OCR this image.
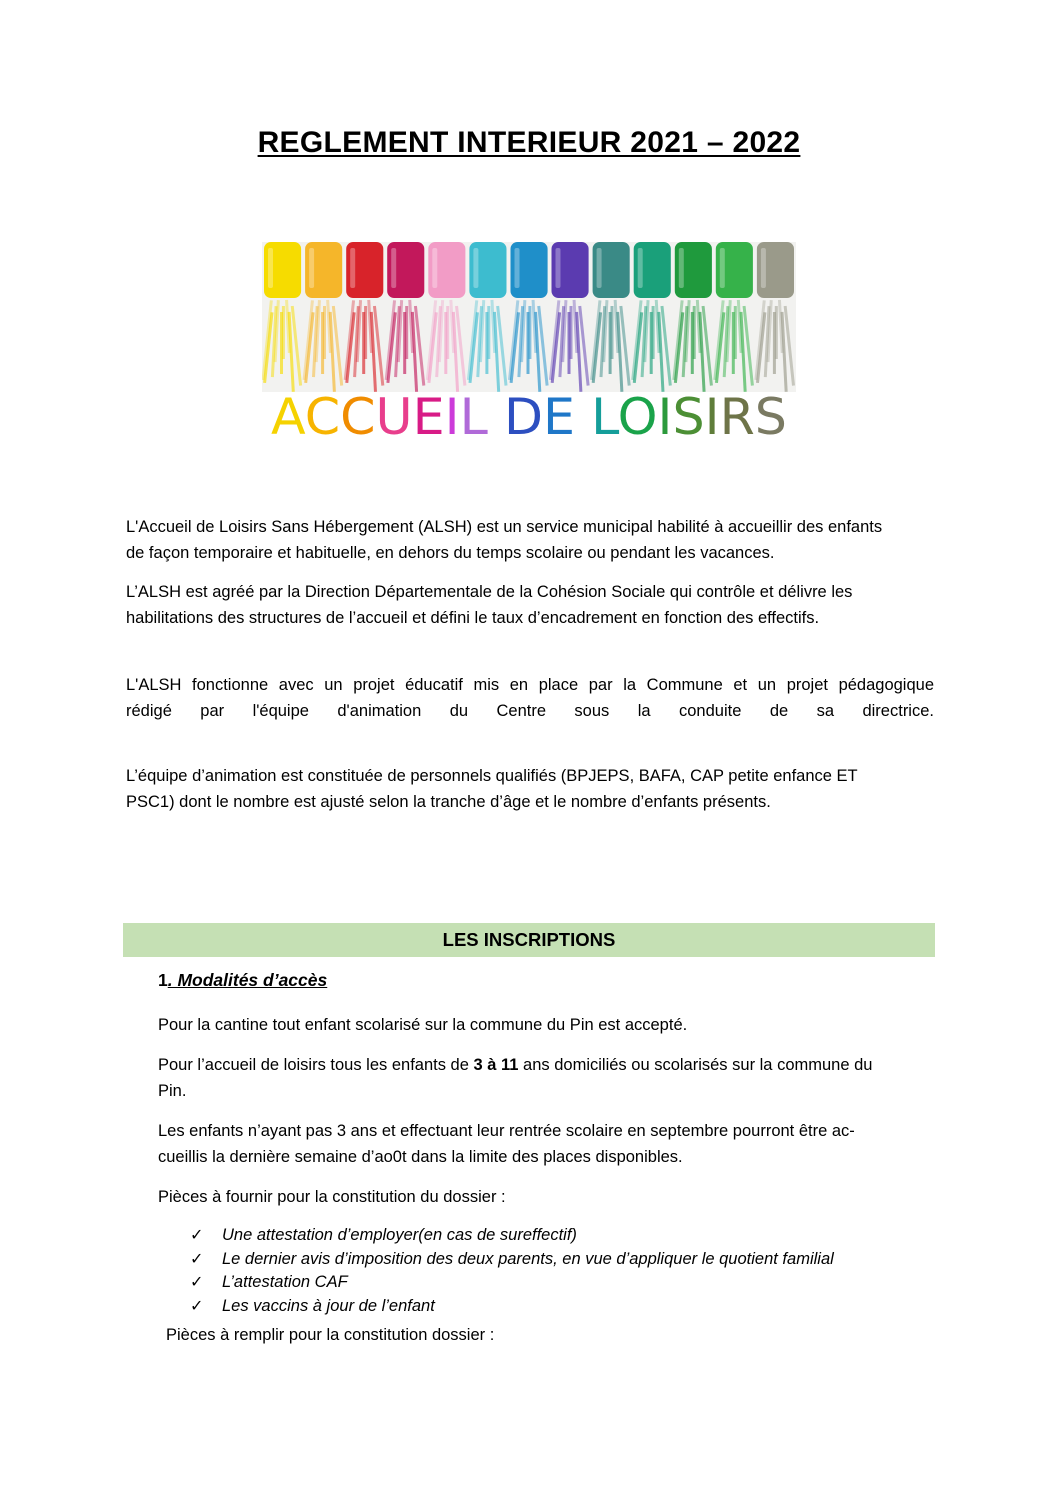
REGLEMENT INTERIEUR 2021 – 2022
ACCUEIL DE LOISIRS

L'Accueil de Loisirs Sans Hébergement (ALSH) est un service municipal habilité à accueillir des enfants
de façon temporaire et habituelle, en dehors du temps scolaire ou pendant les vacances.

L’ALSH est agréé par la Direction Départementale de la Cohésion Sociale qui contrôle et délivre les
habilitations des structures de l’accueil et défini le taux d’encadrement en fonction des effectifs.

L'ALSH fonctionne avec un projet éducatif mis en place par la Commune et un projet pédagogique
rédigé par l'équipe d'animation du Centre sous la conduite de sa directrice.

L’équipe d’animation est constituée de personnels qualifiés (BPJEPS, BAFA, CAP petite enfance ET
PSC1) dont le nombre est ajusté selon la tranche d’âge et le nombre d’enfants présents.

LES INSCRIPTIONS

1. Modalités d’accès

Pour la cantine tout enfant scolarisé sur la commune du Pin est accepté.

Pour l’accueil de loisirs tous les enfants de 3 à 11 ans domiciliés ou scolarisés sur la commune du
Pin.

Les enfants n’ayant pas 3 ans et effectuant leur rentrée scolaire en septembre pourront être ac-
cueillis la dernière semaine d’ao0t dans la limite des places disponibles.

Pièces à fournir pour la constitution du dossier :

✓ Une attestation d’employer(en cas de sureffectif)
✓ Le dernier avis d’imposition des deux parents, en vue d’appliquer le quotient familial
✓ L’attestation CAF
✓ Les vaccins à jour de l’enfant

Pièces à remplir pour la constitution dossier :
